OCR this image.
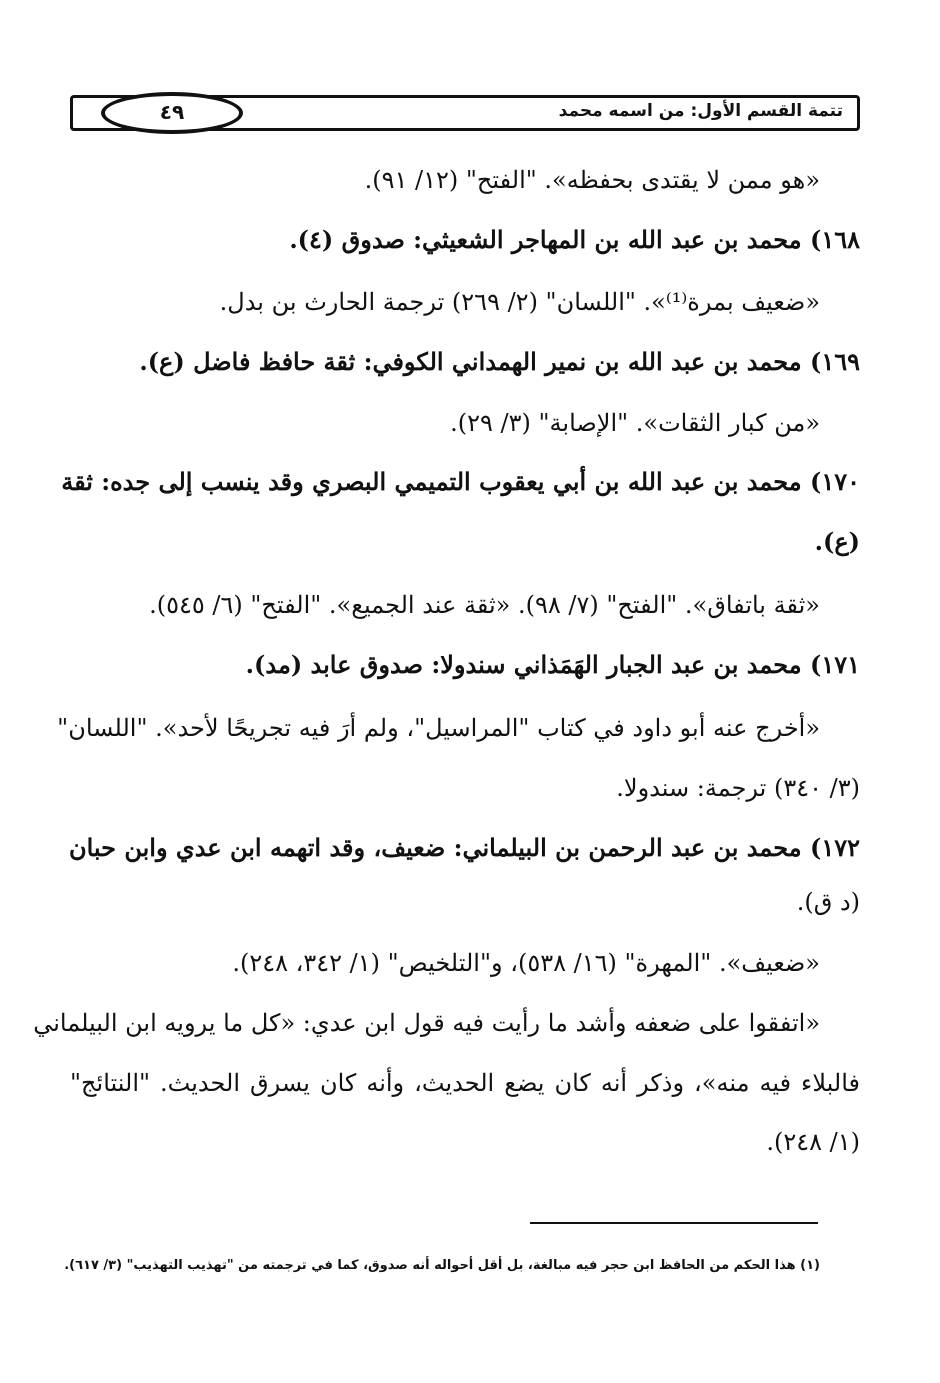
تتمة القسم الأول: من اسمه محمد
٤٩
«هو ممن لا يقتدى بحفظه». "الفتح" (١٢/ ٩١).
١٦٨) محمد بن عبد الله بن المهاجر الشعيثي: صدوق (٤).
«ضعيف بمرة⁽¹⁾». "اللسان" (٢/ ٢٦٩) ترجمة الحارث بن بدل.
١٦٩) محمد بن عبد الله بن نمير الهمداني الكوفي: ثقة حافظ فاضل (ع).
«من كبار الثقات». "الإصابة" (٣/ ٢٩).
١٧٠) محمد بن عبد الله بن أبي يعقوب التميمي البصري وقد ينسب إلى جده: ثقة
(ع).
«ثقة باتفاق». "الفتح" (٧/ ٩٨). «ثقة عند الجميع». "الفتح" (٦/ ٥٤٥).
١٧١) محمد بن عبد الجبار الهَمَذاني سندولا: صدوق عابد (مد).
«أخرج عنه أبو داود في كتاب "المراسيل"، ولم أرَ فيه تجريحًا لأحد». "اللسان"
(٣/ ٣٤٠) ترجمة: سندولا.
١٧٢) محمد بن عبد الرحمن بن البيلماني: ضعيف، وقد اتهمه ابن عدي وابن حبان
(د ق).
«ضعيف». "المهرة" (١٦/ ٥٣٨)، و"التلخيص" (١/ ٣٤٢، ٢٤٨).
«اتفقوا على ضعفه وأشد ما رأيت فيه قول ابن عدي: «كل ما يرويه ابن البيلماني
فالبلاء فيه منه»، وذكر أنه كان يضع الحديث، وأنه كان يسرق الحديث. "النتائج"
(١/ ٢٤٨).
(١) هذا الحكم من الحافظ ابن حجر فيه مبالغة، بل أقل أحواله أنه صدوق، كما في ترجمته من "تهذيب التهذيب" (٣/ ٦١٧).
